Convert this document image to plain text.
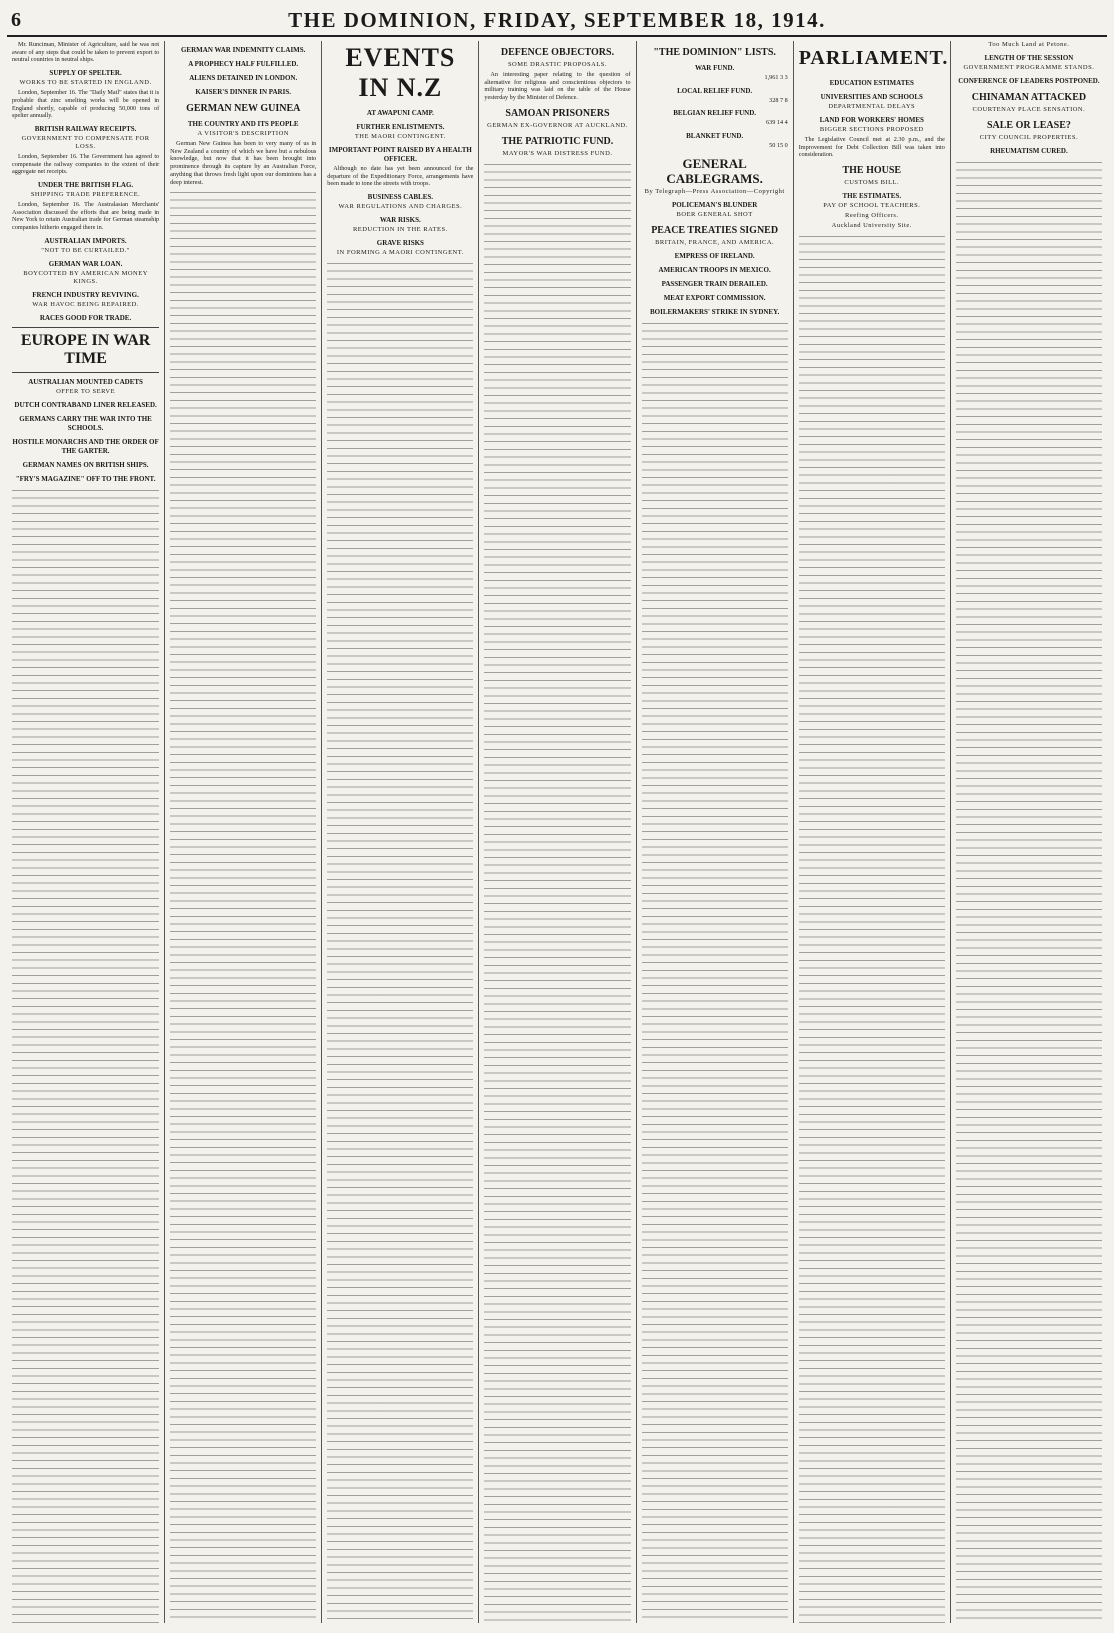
6	THE DOMINION, FRIDAY, SEPTEMBER 18, 1914.

Mr. Runciman, Minister of Agriculture, said he was not aware of any steps that could be taken to prevent export to neutral countries in neutral ships.

SUPPLY OF SPELTER.
WORKS TO BE STARTED IN ENGLAND.

London, September 16. The "Daily Mail" states that it is probable that zinc smelting works will be opened in England shortly, capable of producing 50,000 tons of spelter annually.

BRITISH RAILWAY RECEIPTS.
GOVERNMENT TO COMPENSATE FOR LOSS.

London, September 16. The Government has agreed to compensate the railway companies to the extent of their aggregate net receipts.

UNDER THE BRITISH FLAG.
SHIPPING TRADE PREFERENCE.

London, September 16. The Australasian Merchants' Association discussed the efforts that are being made in New York to retain Australian trade for German steamship companies hitherto engaged there in.

AUSTRALIAN IMPORTS.
"NOT TO BE CURTAILED."
GERMAN WAR LOAN.
BOYCOTTED BY AMERICAN MONEY KINGS.
FRENCH INDUSTRY REVIVING.
WAR HAVOC BEING REPAIRED.
RACES GOOD FOR TRADE.
EUROPE IN WAR TIME
AUSTRALIAN MOUNTED CADETS
OFFER TO SERVE
DUTCH CONTRABAND LINER RELEASED.
GERMANS CARRY THE WAR INTO THE SCHOOLS.
HOSTILE MONARCHS AND THE ORDER OF THE GARTER.
GERMAN NAMES ON BRITISH SHIPS.
"FRY'S MAGAZINE" OFF TO THE FRONT.
GERMAN WAR INDEMNITY CLAIMS.
A PROPHECY HALF FULFILLED.
ALIENS DETAINED IN LONDON.
KAISER'S DINNER IN PARIS.
GERMAN NEW GUINEA
THE COUNTRY AND ITS PEOPLE
A VISITOR'S DESCRIPTION

German New Guinea has been to very many of us in New Zealand a country of which we have but a nebulous knowledge, but now that it has been brought into prominence through its capture by an Australian Force, anything that throws fresh light upon our dominions has a deep interest.

EVENTS IN N.Z
AT AWAPUNI CAMP.
FURTHER ENLISTMENTS.
THE MAORI CONTINGENT.
IMPORTANT POINT RAISED BY A HEALTH OFFICER.

Although no date has yet been announced for the departure of the Expeditionary Force, arrangements have been made to tone the streets with troops.

BUSINESS CABLES.
WAR REGULATIONS AND CHARGES.
WAR RISKS.
REDUCTION IN THE RATES.
GRAVE RISKS
IN FORMING A MAORI CONTINGENT.
DEFENCE OBJECTORS.
SOME DRASTIC PROPOSALS.

An interesting paper relating to the question of alternative for religious and conscientious objectors to military training was laid on the table of the House yesterday by the Minister of Defence.

SAMOAN PRISONERS
GERMAN EX-GOVERNOR AT AUCKLAND.
THE PATRIOTIC FUND.
MAYOR'S WAR DISTRESS FUND.
"THE DOMINION" LISTS.
WAR FUND.
1,961 3 3
LOCAL RELIEF FUND.
328 7 8
BELGIAN RELIEF FUND.
639 14 4
BLANKET FUND.
50 15 0
GENERAL CABLEGRAMS.
By Telegraph—Press Association—Copyright
POLICEMAN'S BLUNDER
BOER GENERAL SHOT
PEACE TREATIES SIGNED
BRITAIN, FRANCE, AND AMERICA.
EMPRESS OF IRELAND.
AMERICAN TROOPS IN MEXICO.
PASSENGER TRAIN DERAILED.
MEAT EXPORT COMMISSION.
BOILERMAKERS' STRIKE IN SYDNEY.
PARLIAMENT.
EDUCATION ESTIMATES
UNIVERSITIES AND SCHOOLS
DEPARTMENTAL DELAYS
LAND FOR WORKERS' HOMES
BIGGER SECTIONS PROPOSED

The Legislative Council met at 2.30 p.m., and the Improvement for Debt Collection Bill was taken into consideration.

THE HOUSE
CUSTOMS BILL.
THE ESTIMATES.
PAY OF SCHOOL TEACHERS.
Reefing Officers.
Auckland University Site.
Too Much Land at Petone.
LENGTH OF THE SESSION
GOVERNMENT PROGRAMME STANDS.
CONFERENCE OF LEADERS POSTPONED.
CHINAMAN ATTACKED
COURTENAY PLACE SENSATION.
SALE OR LEASE?
CITY COUNCIL PROPERTIES.
RHEUMATISM CURED.
